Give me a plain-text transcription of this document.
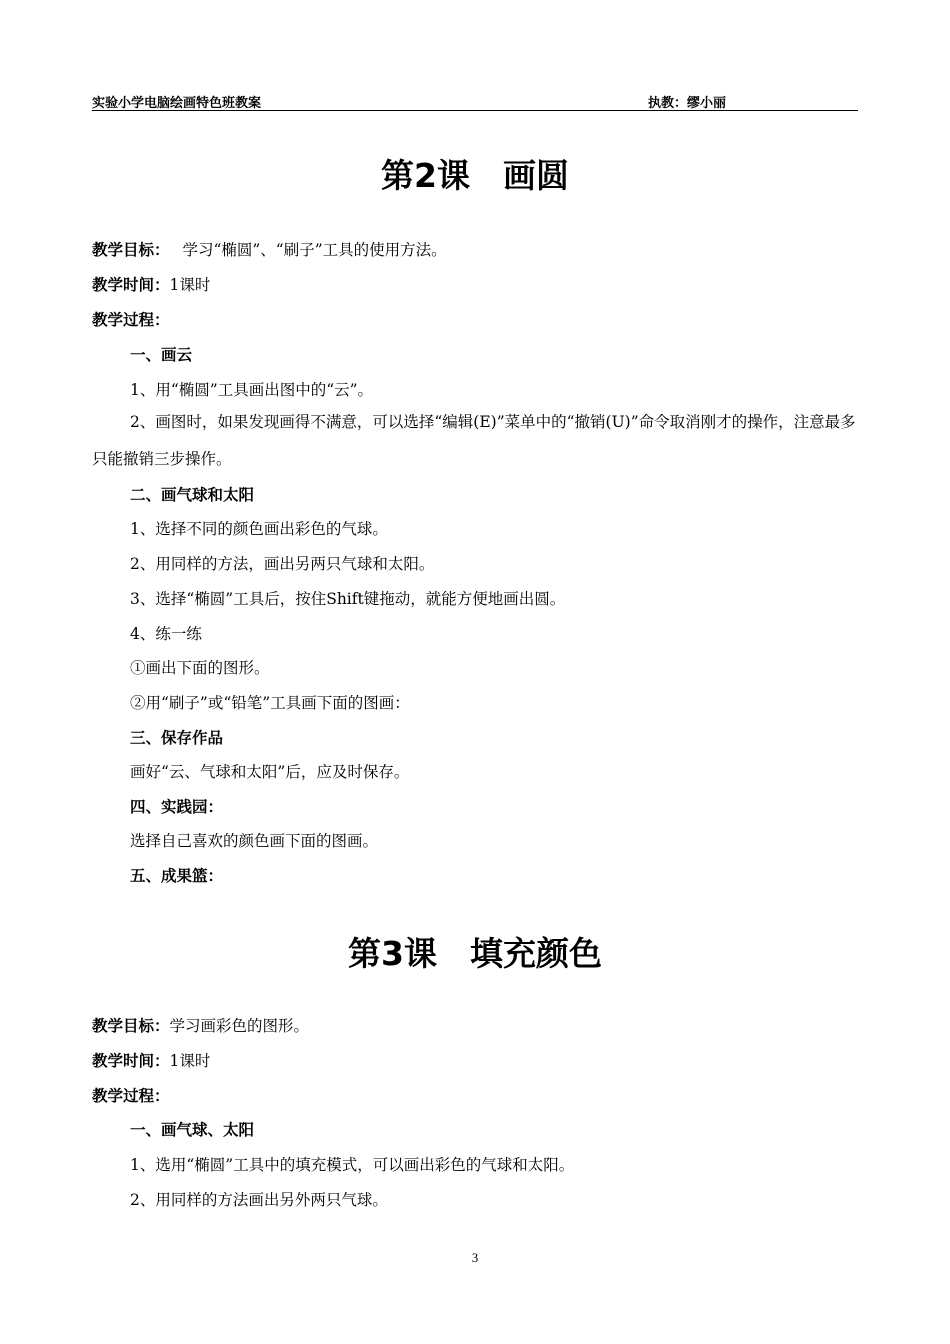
实验小学电脑绘画特色班教案	执教：缪小丽
第2课　画圆
教学目标： 学习“椭圆”、“刷子”工具的使用方法。
教学时间：1课时
教学过程：
一、画云
1、用“椭圆”工具画出图中的“云”。
2、画图时，如果发现画得不满意，可以选择“编辑(E)”菜单中的“撤销(U)”命令取消刚才的操作，注意最多只能撤销三步操作。
二、画气球和太阳
1、选择不同的颜色画出彩色的气球。
2、用同样的方法，画出另两只气球和太阳。
3、选择“椭圆”工具后，按住Shift键拖动，就能方便地画出圆。
4、练一练
①画出下面的图形。
②用“刷子”或“铅笔”工具画下面的图画：
三、保存作品
画好“云、气球和太阳”后，应及时保存。
四、实践园：
选择自己喜欢的颜色画下面的图画。
五、成果篮：
第3课　填充颜色
教学目标：学习画彩色的图形。
教学时间：1课时
教学过程：
一、画气球、太阳
1、选用“椭圆”工具中的填充模式，可以画出彩色的气球和太阳。
2、用同样的方法画出另外两只气球。
3
